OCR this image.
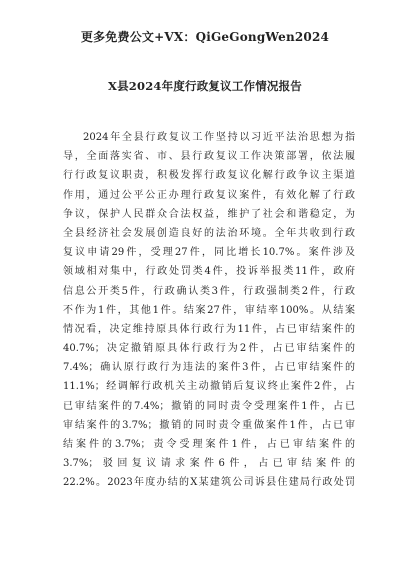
更多免费公文+VX：QiGeGongWen2024
X县2024年度行政复议工作情况报告
2024年全县行政复议工作坚持以习近平法治思想为指
导，全面落实省、市、县行政复议工作决策部署，依法履
行行政复议职责，积极发挥行政复议化解行政争议主渠道
作用，通过公平公正办理行政复议案件，有效化解了行政
争议，保护人民群众合法权益，维护了社会和谐稳定，为
全县经济社会发展创造良好的法治环境。全年共收到行政
复议申请29件，受理27件，同比增长10.7%。案件涉及
领域相对集中，行政处罚类4件，投诉举报类11件，政府
信息公开类5件，行政确认类3件，行政强制类2件，行政
不作为1件，其他1件。结案27件，审结率100%。从结案
情况看，决定维持原具体行政行为11件，占已审结案件的
40.7%；决定撤销原具体行政行为2件，占已审结案件的
7.4%；确认原行政行为违法的案件3件，占已审结案件的
11.1%；经调解行政机关主动撤销后复议终止案件2件，占
已审结案件的7.4%；撤销的同时责令受理案件1件，占已
审结案件的3.7%；撤销的同时责令重做案件1件，占已审
结案件的3.7%；责令受理案件1件，占已审结案件的
3.7%；驳回复议请求案件6件，占已审结案件的
22.2%。2023年度办结的X某建筑公司诉县住建局行政处罚
